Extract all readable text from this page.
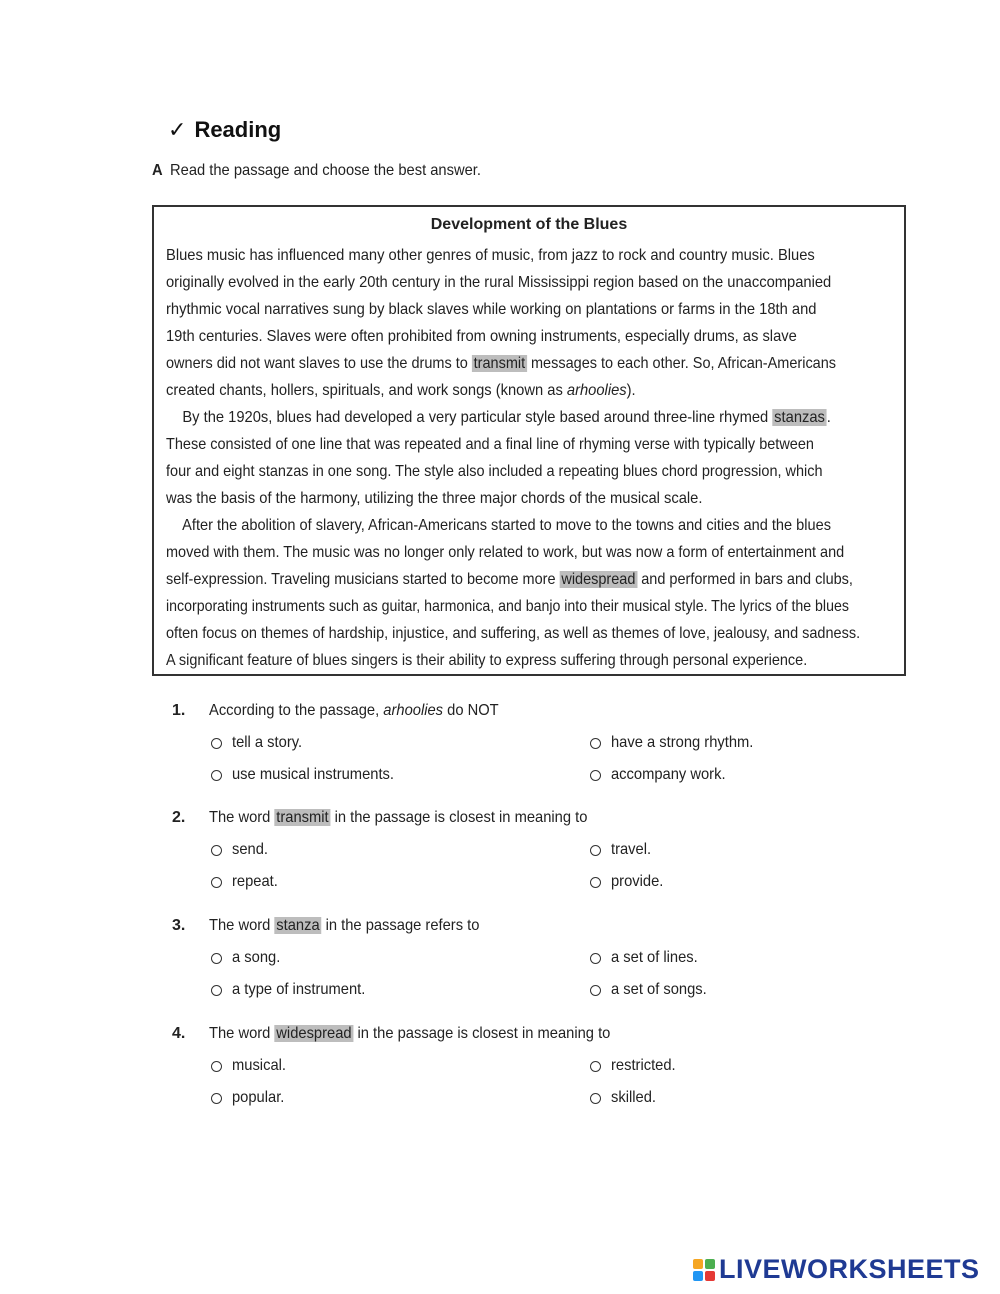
✓ Reading
A Read the passage and choose the best answer.
Development of the Blues
Blues music has influenced many other genres of music, from jazz to rock and country music. Blues
originally evolved in the early 20th century in the rural Mississippi region based on the unaccompanied
rhythmic vocal narratives sung by black slaves while working on plantations or farms in the 18th and
19th centuries. Slaves were often prohibited from owning instruments, especially drums, as slave
owners did not want slaves to use the drums to transmit messages to each other. So, African-Americans
created chants, hollers, spirituals, and work songs (known as arhoolies).
By the 1920s, blues had developed a very particular style based around three-line rhymed stanzas .
These consisted of one line that was repeated and a final line of rhyming verse with typically between
four and eight stanzas in one song. The style also included a repeating blues chord progression, which
was the basis of the harmony, utilizing the three major chords of the musical scale.
After the abolition of slavery, African-Americans started to move to the towns and cities and the blues
moved with them. The music was no longer only related to work, but was now a form of entertainment and
self-expression. Traveling musicians started to become more widespread and performed in bars and clubs,
incorporating instruments such as guitar, harmonica, and banjo into their musical style. The lyrics of the blues
often focus on themes of hardship, injustice, and suffering, as well as themes of love, jealousy, and sadness.
A significant feature of blues singers is their ability to express suffering through personal experience.
1. According to the passage, arhoolies do NOT
tell a story.	have a strong rhythm.
use musical instruments.	accompany work.
2. The word transmit in the passage is closest in meaning to
send.	travel.
repeat.	provide.
3. The word stanza in the passage refers to
a song.	a set of lines.
a type of instrument.	a set of songs.
4. The word widespread in the passage is closest in meaning to
musical.	restricted.
popular.	skilled.
LIVEWORKSHEETS
